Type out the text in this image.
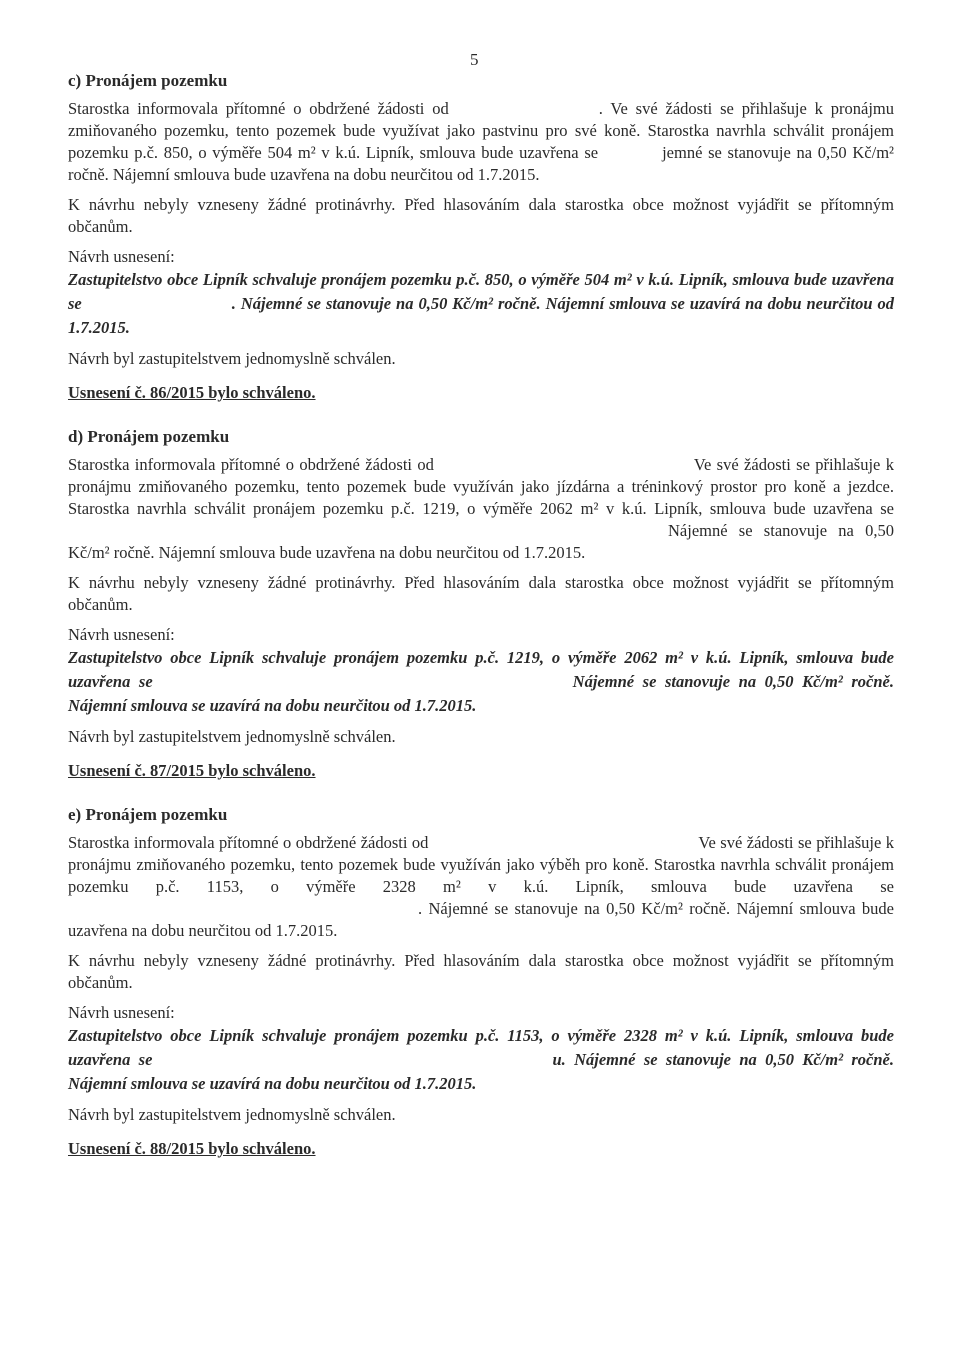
5
c) Pronájem pozemku

Starostka informovala přítomné o obdržené žádosti od	. Ve své žádosti se přihlašuje k pronájmu zmiňovaného pozemku, tento pozemek bude využívat jako pastvinu pro své koně. Starostka navrhla schválit pronájem pozemku p.č. 850, o výměře 504 m² v k.ú. Lipník, smlouva bude uzavřena se	jemné se stanovuje na 0,50 Kč/m² ročně. Nájemní smlouva bude uzavřena na dobu neurčitou od 1.7.2015.

K návrhu nebyly vzneseny žádné protinávrhy. Před hlasováním dala starostka obce možnost vyjádřit se přítomným občanům.

Návrh usnesení:

Zastupitelstvo obce Lipník schvaluje pronájem pozemku p.č. 850, o výměře 504 m² v k.ú. Lipník, smlouva bude uzavřena se	. Nájemné se stanovuje na 0,50 Kč/m² ročně. Nájemní smlouva se uzavírá na dobu neurčitou od 1.7.2015.

Návrh byl zastupitelstvem jednomyslně schválen.

Usnesení č. 86/2015 bylo schváleno.

d) Pronájem pozemku

Starostka informovala přítomné o obdržené žádosti od	Ve své žádosti se přihlašuje k pronájmu zmiňovaného pozemku, tento pozemek bude využíván jako jízdárna a tréninkový prostor pro koně a jezdce. Starostka navrhla schválit pronájem pozemku p.č. 1219, o výměře 2062 m² v k.ú. Lipník, smlouva bude uzavřena seNájemné se stanovuje na 0,50 Kč/m² ročně. Nájemní smlouva bude uzavřena na dobu neurčitou od 1.7.2015.

K návrhu nebyly vzneseny žádné protinávrhy. Před hlasováním dala starostka obce možnost vyjádřit se přítomným občanům.

Návrh usnesení:

Zastupitelstvo obce Lipník schvaluje pronájem pozemku p.č. 1219, o výměře 2062 m² v k.ú. Lipník, smlouva bude uzavřena se	Nájemné se stanovuje na 0,50 Kč/m² ročně. Nájemní smlouva se uzavírá na dobu neurčitou od 1.7.2015.

Návrh byl zastupitelstvem jednomyslně schválen.

Usnesení č. 87/2015 bylo schváleno.

e) Pronájem pozemku

Starostka informovala přítomné o obdržené žádosti od	Ve své žádosti se přihlašuje k pronájmu zmiňovaného pozemku, tento pozemek bude využíván jako výběh pro koně. Starostka navrhla schválit pronájem pozemku p.č. 1153, o výměře 2328 m² v k.ú. Lipník, smlouva bude uzavřena se. Nájemné se stanovuje na 0,50 Kč/m² ročně. Nájemní smlouva bude uzavřena na dobu neurčitou od 1.7.2015.

K návrhu nebyly vzneseny žádné protinávrhy. Před hlasováním dala starostka obce možnost vyjádřit se přítomným občanům.

Návrh usnesení:

Zastupitelstvo obce Lipník schvaluje pronájem pozemku p.č. 1153, o výměře 2328 m² v k.ú. Lipník, smlouva bude uzavřena se	u. Nájemné se stanovuje na 0,50 Kč/m² ročně. Nájemní smlouva se uzavírá na dobu neurčitou od 1.7.2015.

Návrh byl zastupitelstvem jednomyslně schválen.

Usnesení č. 88/2015 bylo schváleno.
